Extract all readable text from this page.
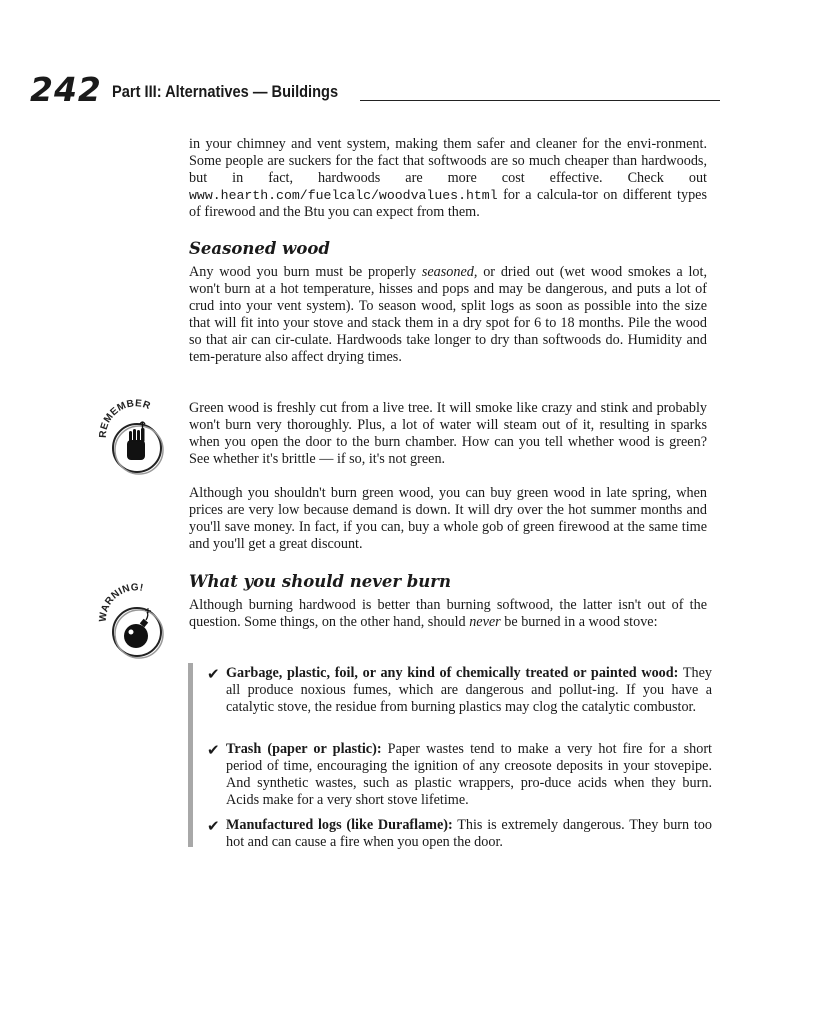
242 Part III: Alternatives — Buildings

in your chimney and vent system, making them safer and cleaner for the envi-ronment. Some people are suckers for the fact that softwoods are so much cheaper than hardwoods, but in fact, hardwoods are more cost effective. Check out www.hearth.com/fuelcalc/woodvalues.html for a calcula-tor on different types of firewood and the Btu you can expect from them.

Seasoned wood

Any wood you burn must be properly seasoned, or dried out (wet wood smokes a lot, won't burn at a hot temperature, hisses and pops and may be dangerous, and puts a lot of crud into your vent system). To season wood, split logs as soon as possible into the size that will fit into your stove and stack them in a dry spot for 6 to 18 months. Pile the wood so that air can cir-culate. Hardwoods take longer to dry than softwoods do. Humidity and tem-perature also affect drying times.

REMEMBER	Green wood is freshly cut from a live tree. It will smoke like crazy and stink and probably won't burn very thoroughly. Plus, a lot of water will steam out of it, resulting in sparks when you open the door to the burn chamber. How can you tell whether wood is green? See whether it's brittle — if so, it's not green.

Although you shouldn't burn green wood, you can buy green wood in late spring, when prices are very low because demand is down. It will dry over the hot summer months and you'll save money. In fact, if you can, buy a whole gob of green firewood at the same time and you'll get a great discount.

What you should never burn
WARNING!

Although burning hardwood is better than burning softwood, the latter isn't out of the question. Some things, on the other hand, should never be burned in a wood stove:

✔ Garbage, plastic, foil, or any kind of chemically treated or painted wood: They all produce noxious fumes, which are dangerous and pollut-ing. If you have a catalytic stove, the residue from burning plastics may clog the catalytic combustor.

✔ Trash (paper or plastic): Paper wastes tend to make a very hot fire for a short period of time, encouraging the ignition of any creosote deposits in your stovepipe. And synthetic wastes, such as plastic wrappers, pro-duce acids when they burn. Acids make for a very short stove lifetime.

✔ Manufactured logs (like Duraflame): This is extremely dangerous. They burn too hot and can cause a fire when you open the door.
